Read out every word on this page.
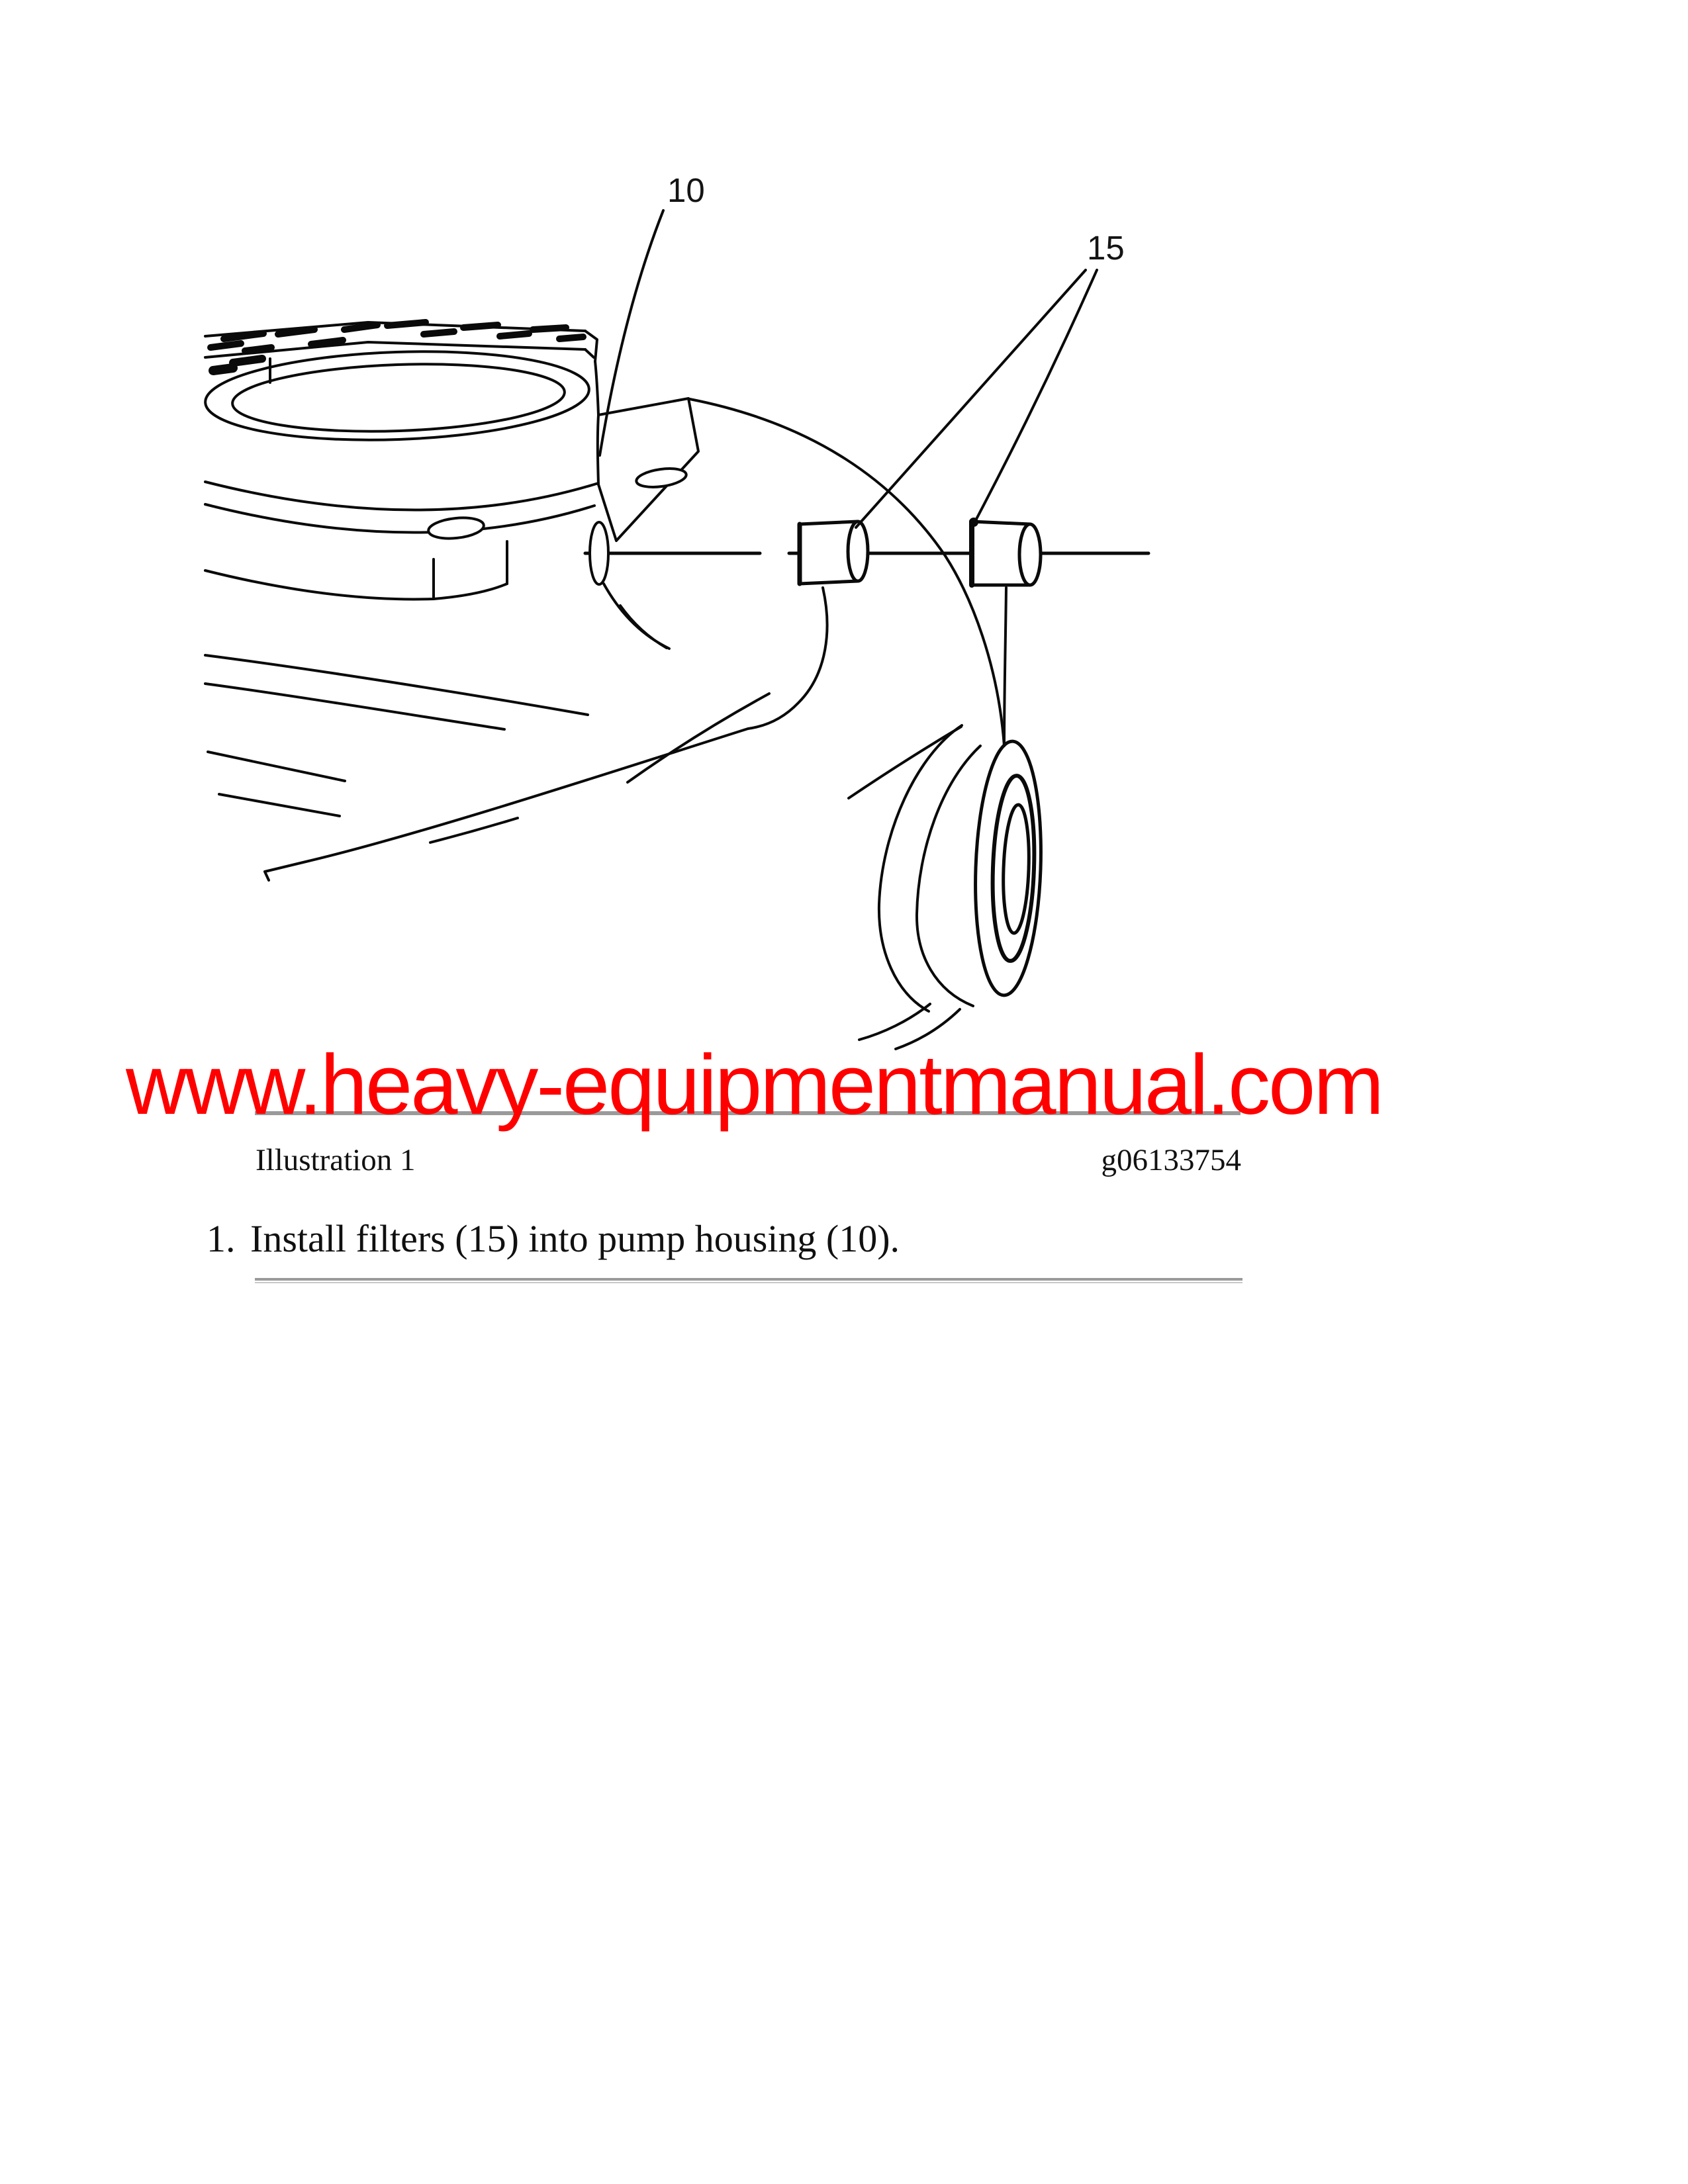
10
15
www.heavy-equipmentmanual.com
Illustration 1	g06133754
1. Install filters (15) into pump housing (10).
